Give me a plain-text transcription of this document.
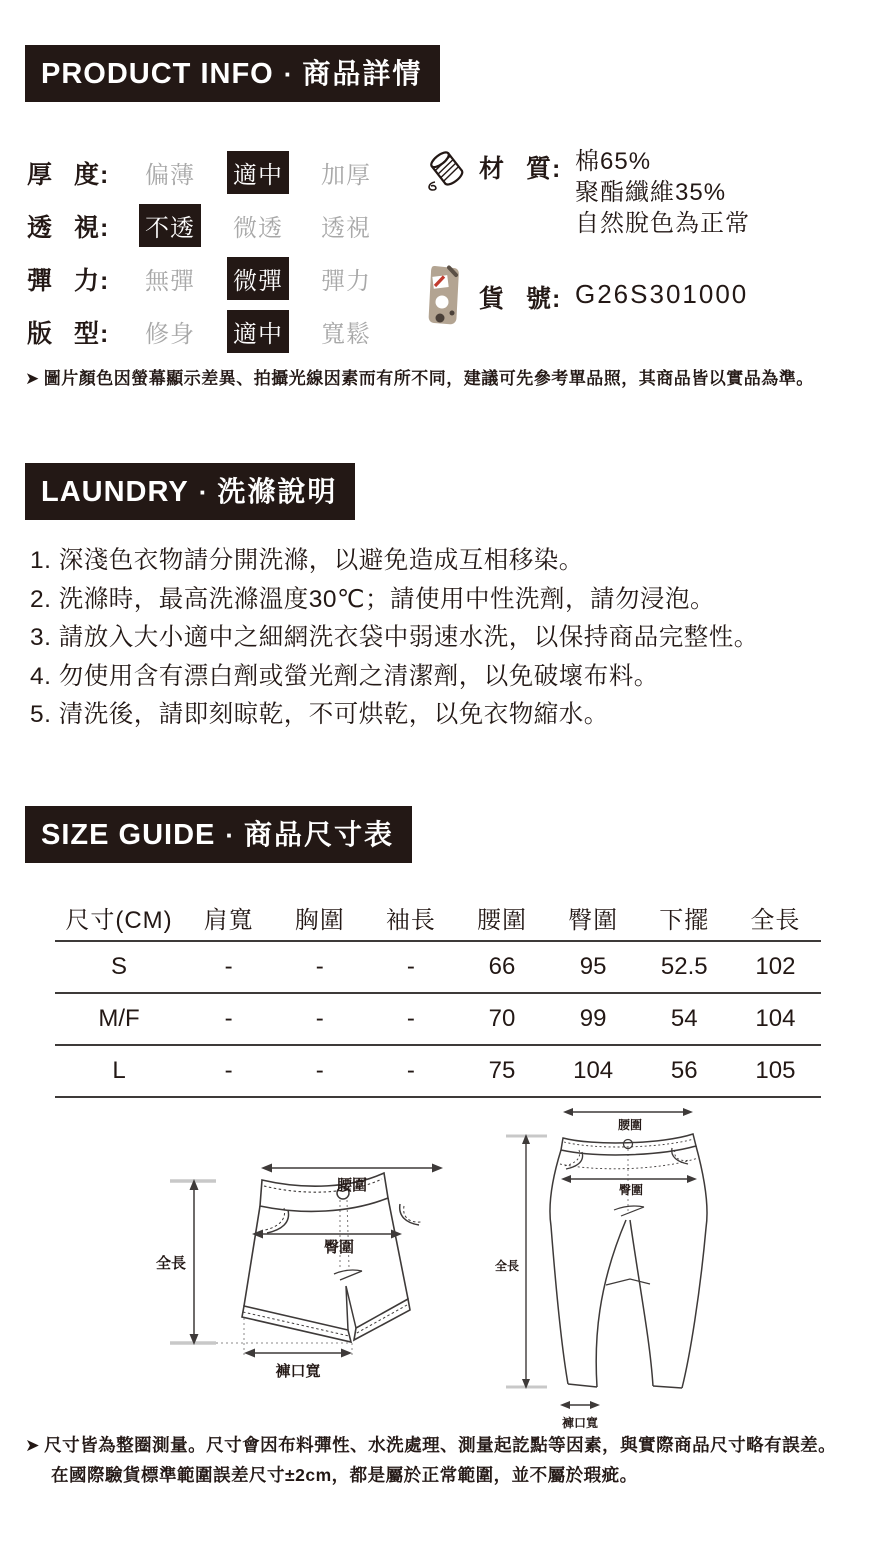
PRODUCT INFO · 商品詳情
厚 度: 偏薄 適中 加厚
透 視: 不透 微透 透視
彈 力: 無彈 微彈 彈力
版 型: 修身 適中 寬鬆
材 質: 棉65%
聚酯纖維35%
自然脫色為正常
貨 號: G26S301000
➤ 圖片顏色因螢幕顯示差異、拍攝光線因素而有所不同，建議可先參考單品照，其商品皆以實品為準。
LAUNDRY · 洗滌說明
1. 深淺色衣物請分開洗滌，以避免造成互相移染。
2. 洗滌時，最高洗滌溫度30℃；請使用中性洗劑，請勿浸泡。
3. 請放入大小適中之細網洗衣袋中弱速水洗，以保持商品完整性。
4. 勿使用含有漂白劑或螢光劑之清潔劑，以免破壞布料。
5. 清洗後，請即刻晾乾，不可烘乾，以免衣物縮水。
SIZE GUIDE · 商品尺寸表
尺寸(CM)	肩寬	胸圍	袖長	腰圍	臀圍	下擺	全長
S	-	-	-	66	95	52.5	102
M/F	-	-	-	70	99	54	104
L	-	-	-	75	104	56	105
腰圍
臀圍
全長
褲口寬
腰圍
臀圍
全長
褲口寬
➤ 尺寸皆為整圈測量。尺寸會因布料彈性、水洗處理、測量起訖點等因素，與實際商品尺寸略有誤差。
在國際驗貨標準範圍誤差尺寸±2cm，都是屬於正常範圍，並不屬於瑕疵。
